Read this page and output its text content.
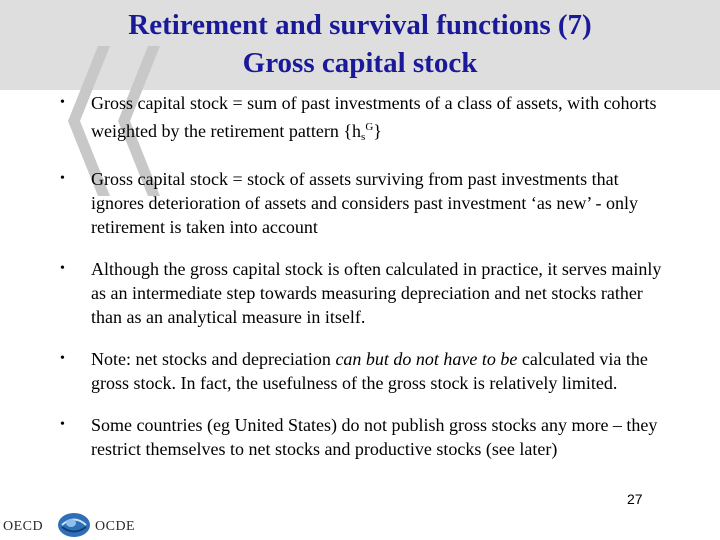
Retirement and survival functions (7)
Gross capital stock
• Gross capital stock = sum of past investments of a class of assets, with cohorts weighted by the retirement pattern $\{h_s^G\}$
• Gross capital stock = stock of assets surviving from past investments that ignores deterioration of assets and considers past investment ‘as new’ - only retirement is taken into account
• Although the gross capital stock is often calculated in practice, it serves mainly as an intermediate step towards measuring depreciation and net stocks rather than as an analytical measure in itself.
• Note: net stocks and depreciation can but do not have to be calculated via the gross stock. In fact, the usefulness of the gross stock is relatively limited.
• Some countries (eg United States) do not publish gross stocks any more – they restrict themselves to net stocks and productive stocks (see later)
27
OECD	OCDE
